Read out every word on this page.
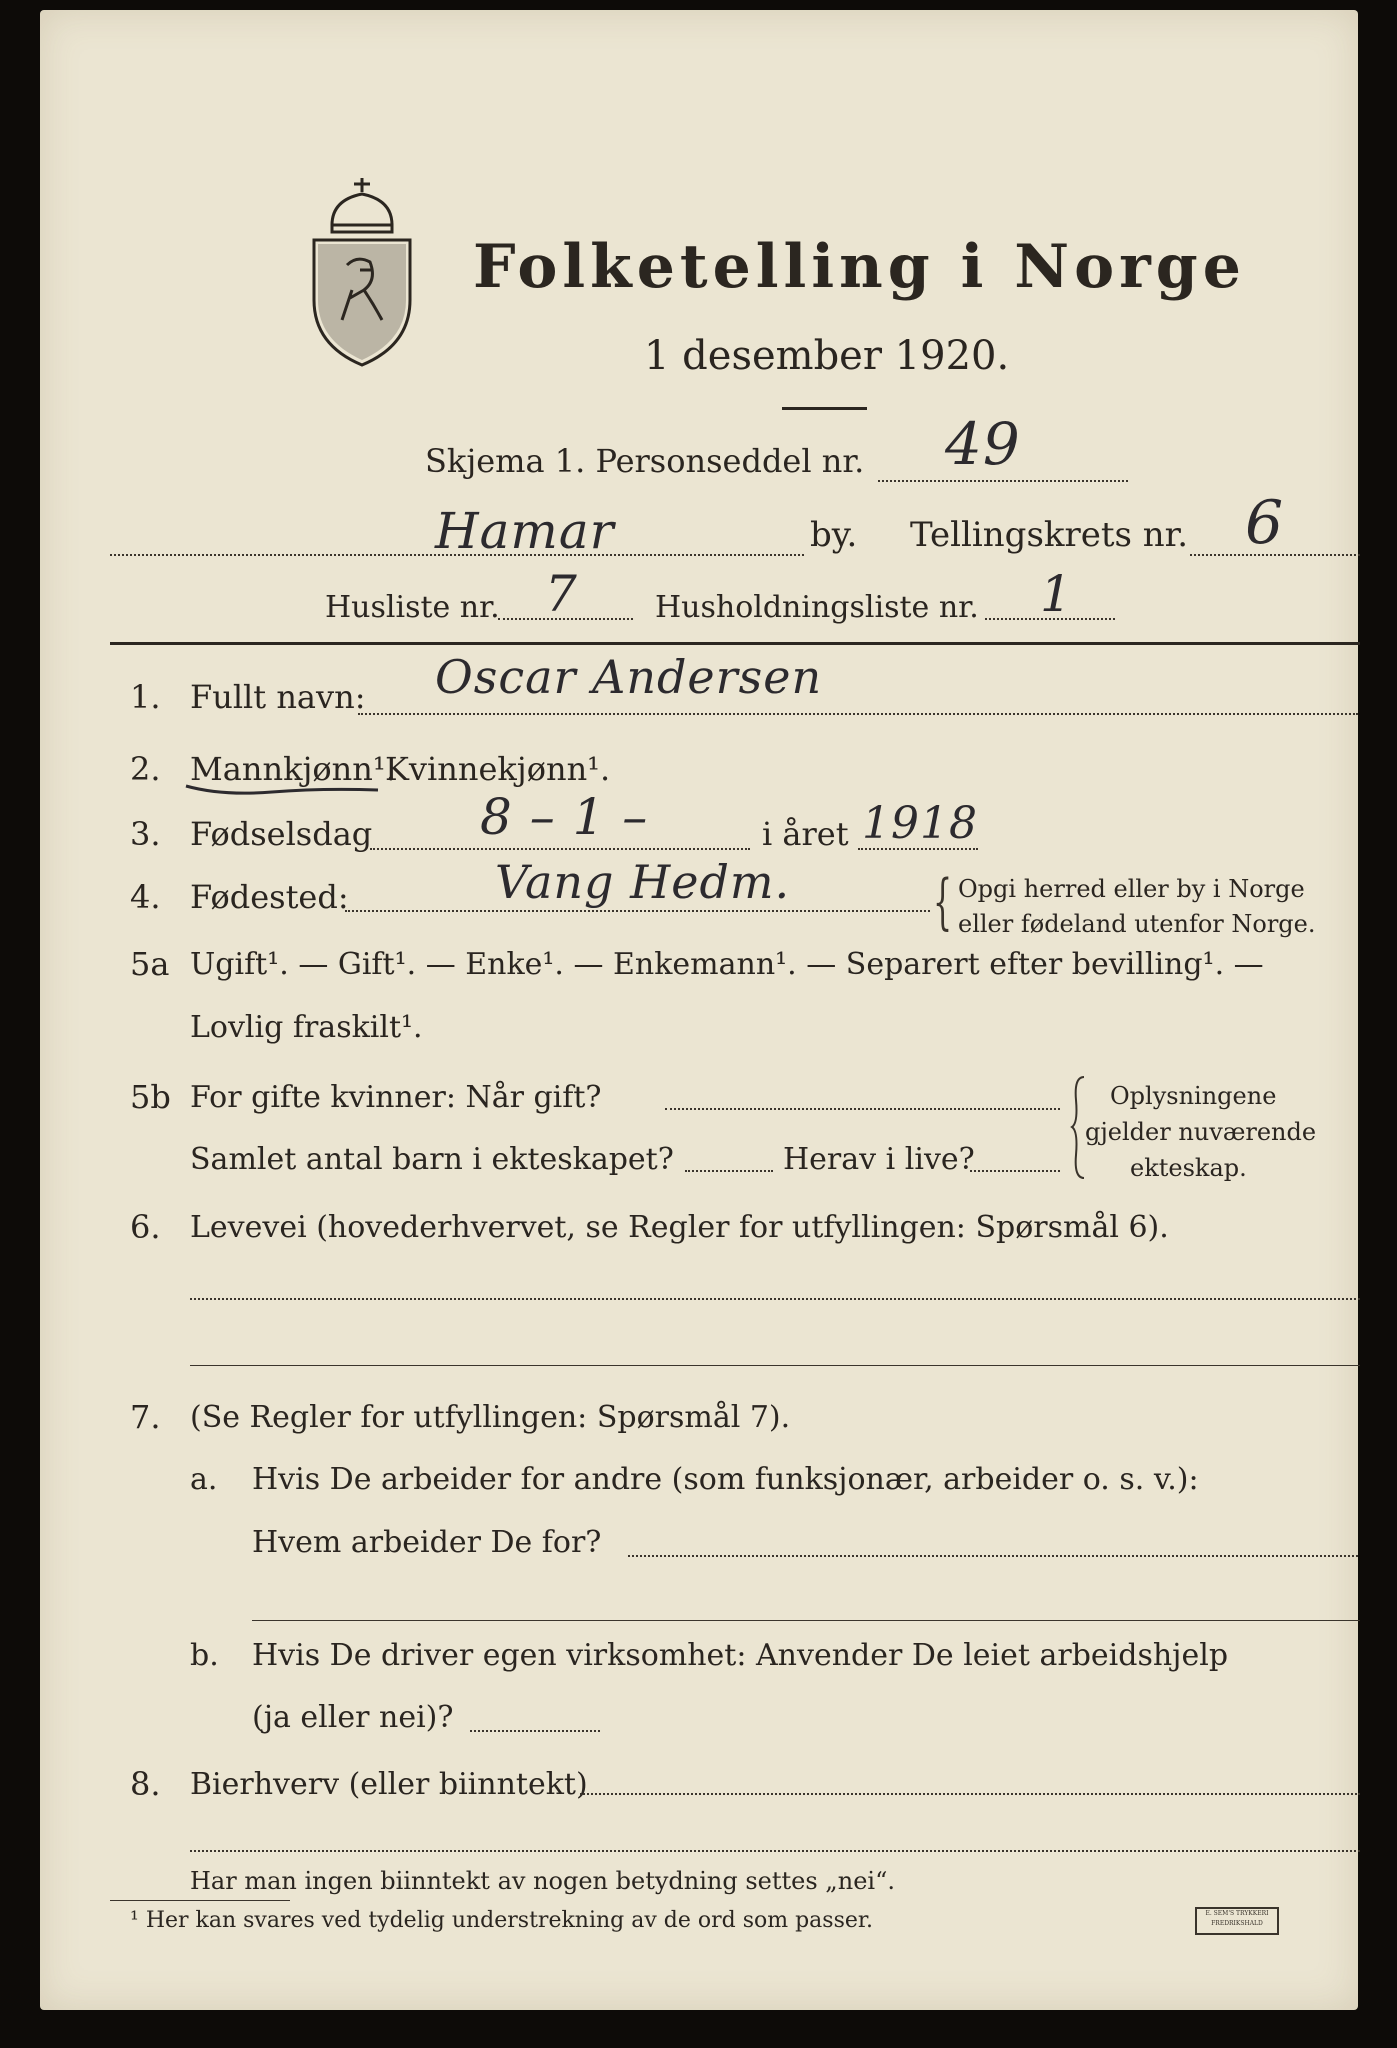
Folketelling i Norge
1 desember 1920.
Skjema 1. Personseddel nr. 49
Hamar	by. Tellingskrets nr. 6
Husliste nr. 7	Husholdningsliste nr. 1
1. Fullt navn: Oscar Andersen
2. Mannkjønn¹.
Kvinnekjønn¹.
3. Fødselsdag 8 – 1 –	i året 1918
4. Fødested:	Vang Hedm. { Opgi herred eller by i Norge
eller fødeland utenfor Norge.
5a Ugift¹. — Gift¹. — Enke¹. — Enkemann¹. — Separert efter bevilling¹. —
Lovlig fraskilt¹.
5b For gifte kvinner: Når gift?
Samlet antal barn i ekteskapet?	Herav i live?
Oplysningene
gjelder nuværende
ekteskap.
6. Levevei (hovederhvervet, se Regler for utfyllingen: Spørsmål 6).
7. (Se Regler for utfyllingen: Spørsmål 7).
a. Hvis De arbeider for andre (som funksjonær, arbeider o. s. v.):
Hvem arbeider De for?
b. Hvis De driver egen virksomhet: Anvender De leiet arbeidshjelp
(ja eller nei)?
8. Bierhverv (eller biinntekt)
Har man ingen biinntekt av nogen betydning settes „nei“.
¹ Her kan svares ved tydelig understrekning av de ord som passer.	E. SEM'S TRYKKERI FREDRIKSHALD
